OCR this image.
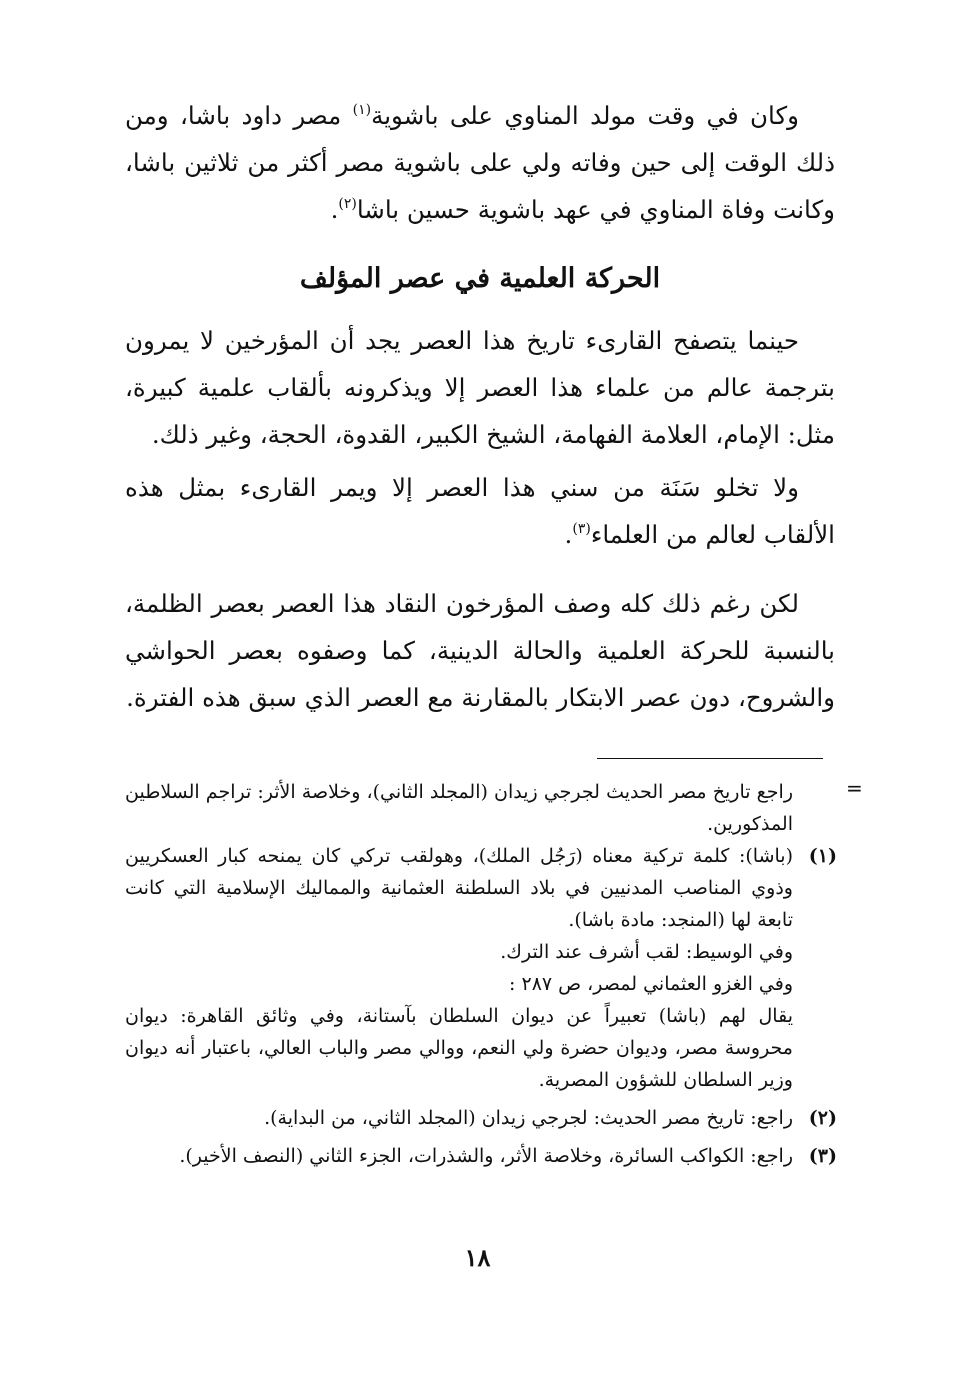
وكان في وقت مولد المناوي على باشوية$^{(١)}$ مصر داود باشا، ومن ذلك الوقت إلى حين وفاته ولي على باشوية مصر أكثر من ثلاثين باشا، وكانت وفاة المناوي في عهد باشوية حسين باشا$^{(٢)}$.

الحركة العلمية في عصر المؤلف

حينما يتصفح القارىء تاريخ هذا العصر يجد أن المؤرخين لا يمرون بترجمة عالم من علماء هذا العصر إلا ويذكرونه بألقاب علمية كبيرة، مثل: الإمام، العلامة الفهامة، الشيخ الكبير، القدوة، الحجة، وغير ذلك.

ولا تخلو سَنَة من سني هذا العصر إلا ويمر القارىء بمثل هذه الألقاب لعالم من العلماء$^{(٣)}$.

لكن رغم ذلك كله وصف المؤرخون النقاد هذا العصر بعصر الظلمة، بالنسبة للحركة العلمية والحالة الدينية، كما وصفوه بعصر الحواشي والشروح، دون عصر الابتكار بالمقارنة مع العصر الذي سبق هذه الفترة.

=

راجع تاريخ مصر الحديث لجرجي زيدان (المجلد الثاني)، وخلاصة الأثر: تراجم السلاطين المذكورين.

(١)

(باشا): كلمة تركية معناه (رَجُل الملك)، وهولقب تركي كان يمنحه كبار العسكريين وذوي المناصب المدنيين في بلاد السلطنة العثمانية والمماليك الإسلامية التي كانت تابعة لها (المنجد: مادة باشا).

وفي الوسيط: لقب أشرف عند الترك.

وفي الغزو العثماني لمصر، ص ٢٨٧ :

يقال لهم (باشا) تعبيراً عن ديوان السلطان بآستانة، وفي وثائق القاهرة: ديوان محروسة مصر، وديوان حضرة ولي النعم، ووالي مصر والباب العالي، باعتبار أنه ديوان وزير السلطان للشؤون المصرية.

(٢)

راجع: تاريخ مصر الحديث: لجرجي زيدان (المجلد الثاني، من البداية).

(٣)

راجع: الكواكب السائرة، وخلاصة الأثر، والشذرات، الجزء الثاني (النصف الأخير).

١٨
